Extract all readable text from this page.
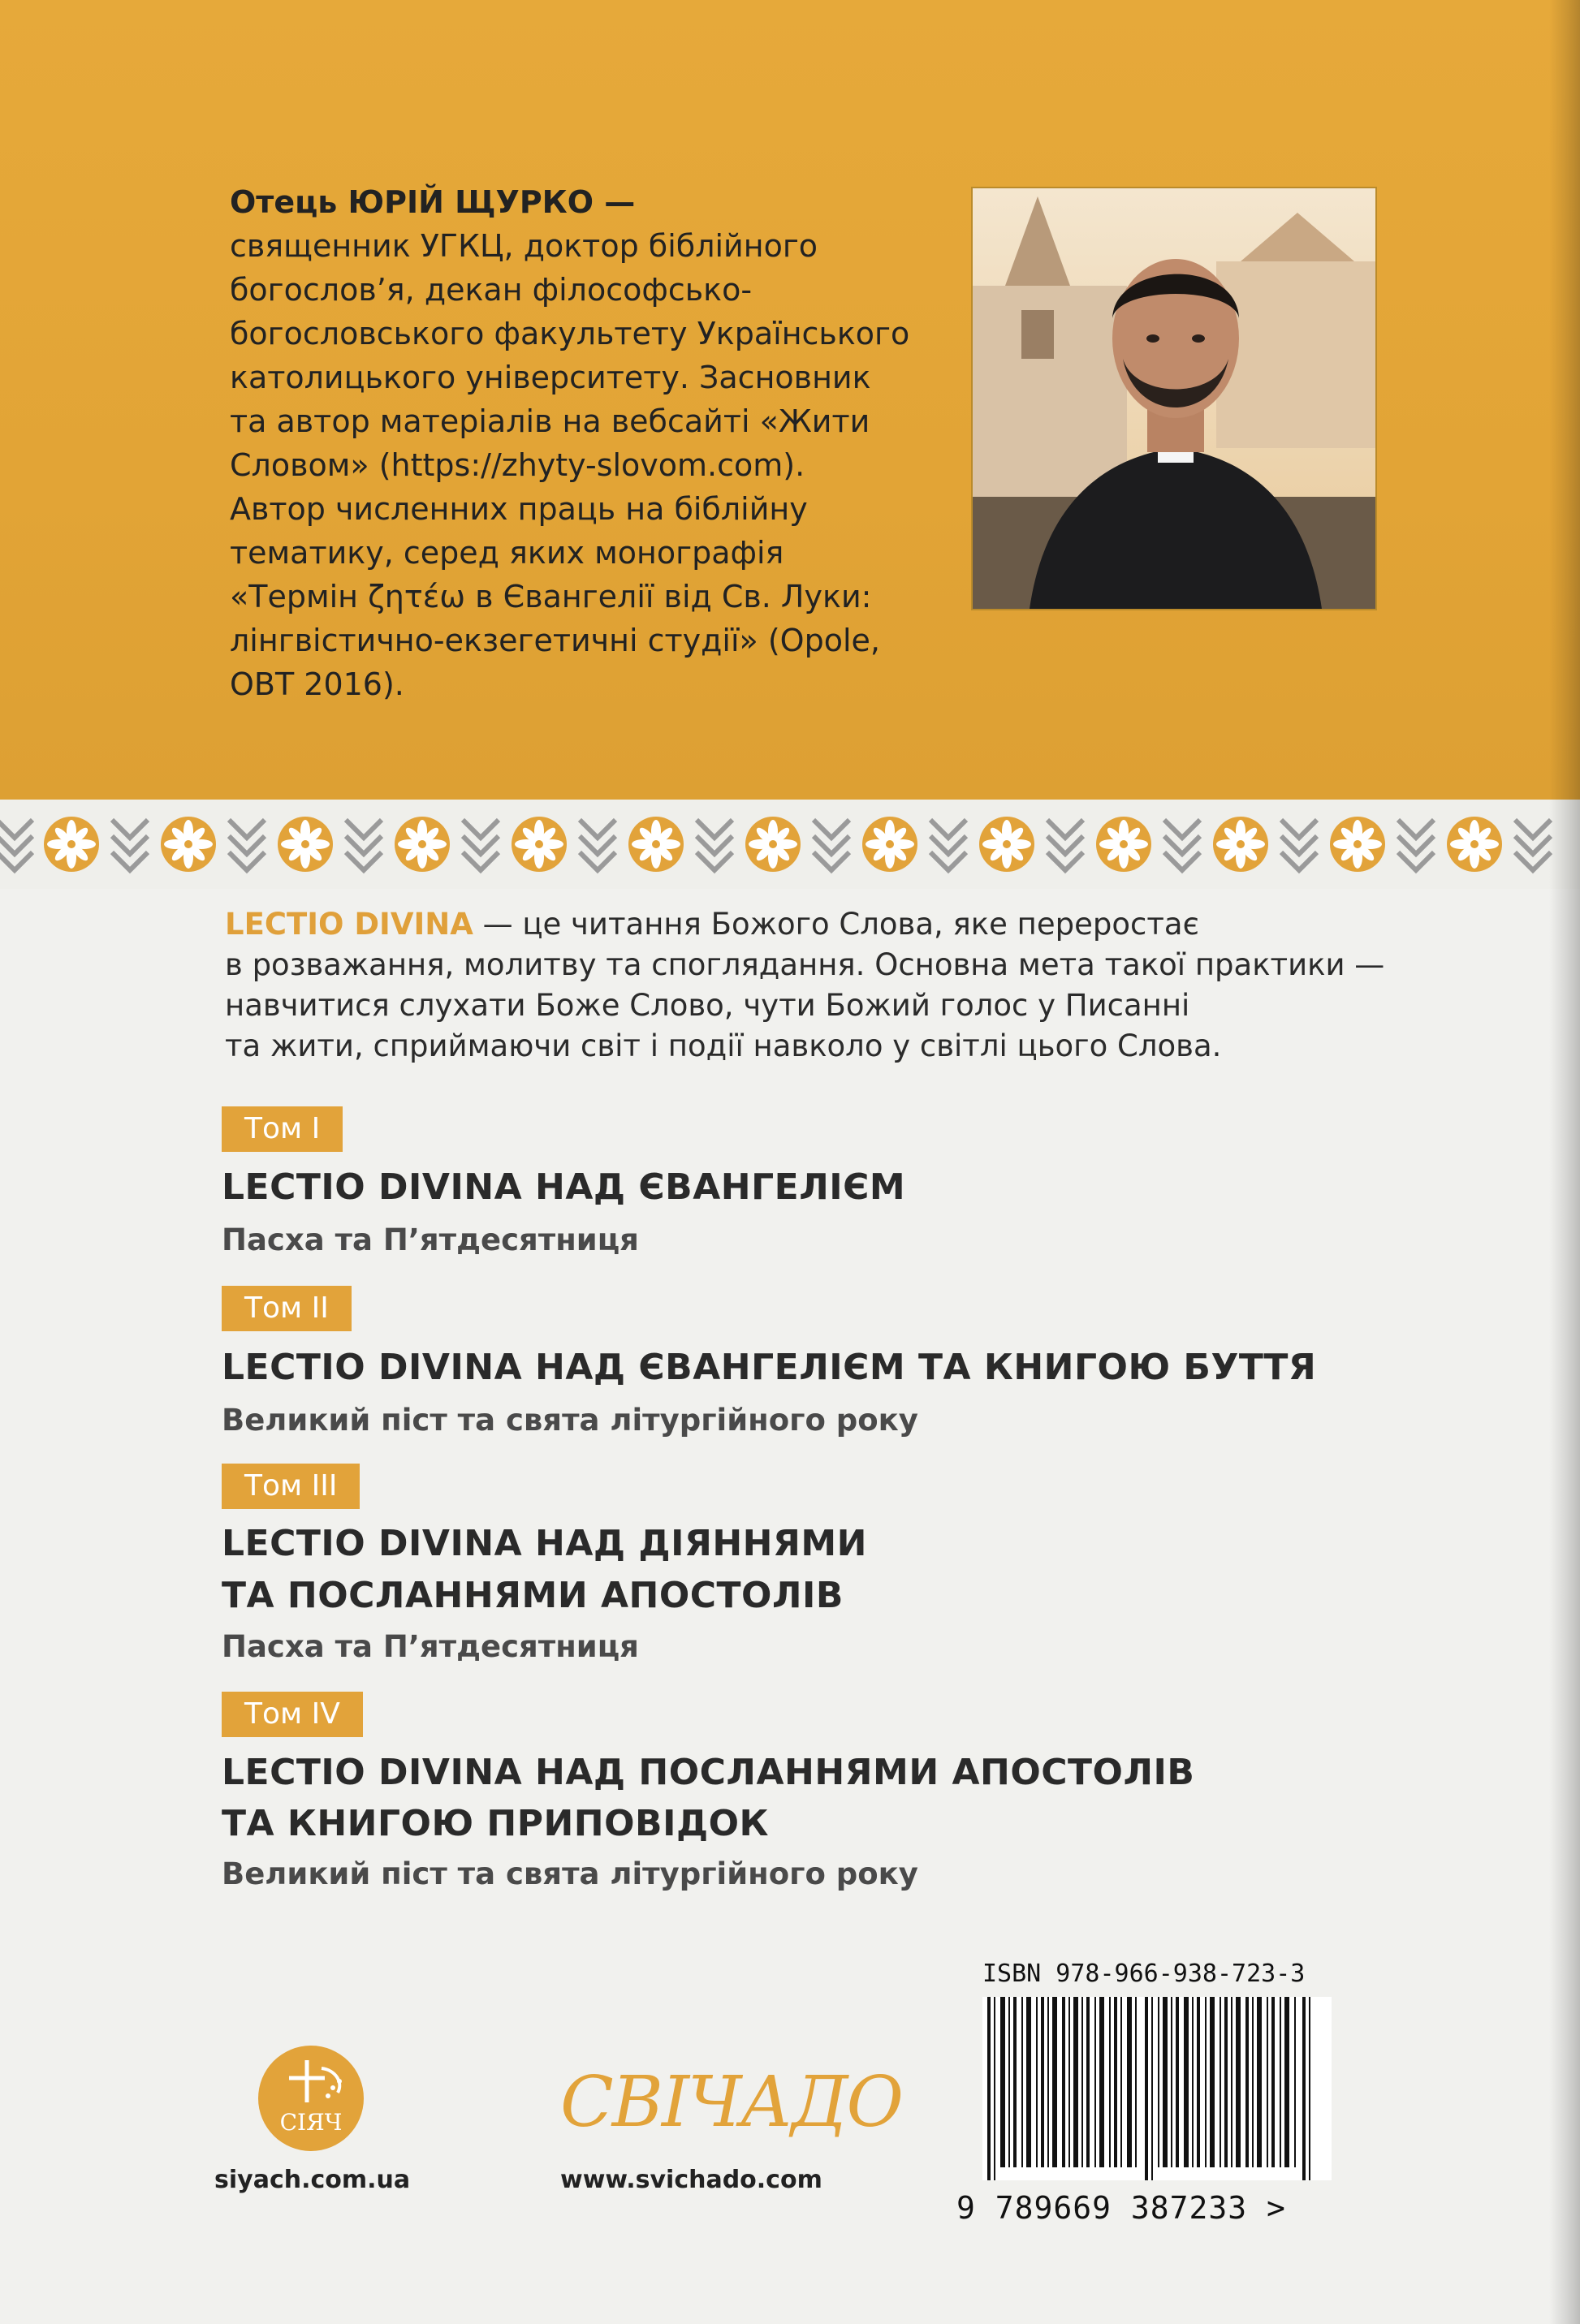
Отець ЮРІЙ ЩУРКО —
священник УГКЦ, доктор біблійного
богослов’я, декан філософсько-
богословського факультету Українського
католицького університету. Засновник
та автор матеріалів на вебсайті «Жити
Словом» (https://zhyty-slovom.com).
Автор численних праць на біблійну
тематику, серед яких монографія
«Термін ζητέω в Євангелії від Св. Луки:
лінгвістично-екзегетичні студії» (Opole,
OBT 2016).
LECTIO DIVINA — це читання Божого Слова, яке переростає
в розважання, молитву та споглядання. Основна мета такої практики —
навчитися слухати Боже Слово, чути Божий голос у Писанні
та жити, сприймаючи світ і події навколо у світлі цього Слова.
Том I
LECTIO DIVINA НАД ЄВАНГЕЛІЄМ
Пасха та П’ятдесятниця
Том II
LECTIO DIVINA НАД ЄВАНГЕЛІЄМ ТА КНИГОЮ БУТТЯ
Великий піст та свята літургійного року
Том III
LECTIO DIVINA НАД ДІЯННЯМИ
ТА ПОСЛАННЯМИ АПОСТОЛІВ
Пасха та П’ятдесятниця
Том IV
LECTIO DIVINA НАД ПОСЛАННЯМИ АПОСТОЛІВ
ТА КНИГОЮ ПРИПОВІДОК
Великий піст та свята літургійного року
СІЯЧ
siyach.com.ua
СВІЧАДО
www.svichado.com
ISBN 978-966-938-723-3
9 789669 387233 >
